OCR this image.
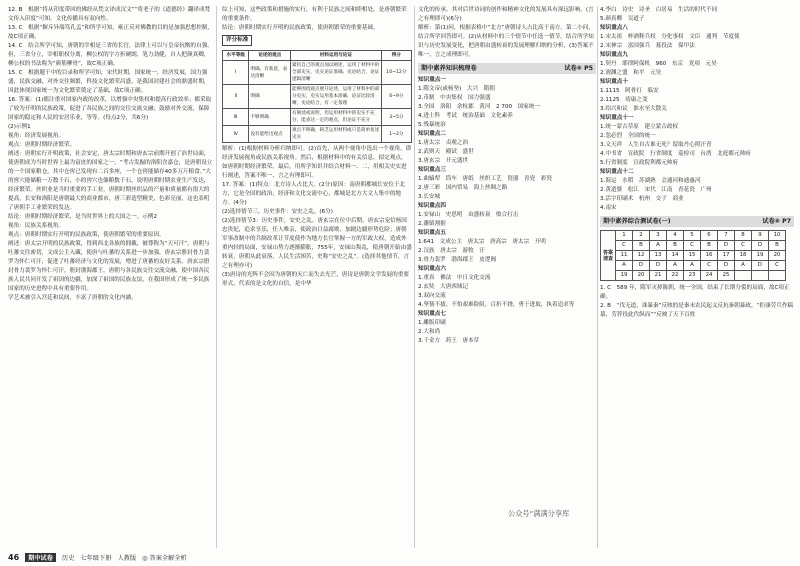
12. B　根据“将从印度带回的佛经从梵文译成汉文”“将老子的《道德经》翻译成梵文传入印度”可知，文化传播具有双向性。

13. C　根据“摒斥异端笃孔孟”和所学可知，雍正反对佛教的目的是加强思想控制，故C项正确。

14. C　结合所学可知，唐朝的宰相是三省的长官，法律上可以与皇帝抗衡的自强。但，三省分立，宰相职权分离，柳公权的字方折硬朗，笔力劲健，自人把颜真卿，柳公权的书法称为“颜筋柳骨”，故C项正确。

15. C　根据题干中的目录和所学可知，宋代时期，国家统一，经济发展，国力强盛，民族交融，对外交往频繁，科技文化繁荣昌盛，是我国封建社会的鼎盛时期，因此体现国家统一为文化繁荣奠定了基础，故C项正确。

16. 答案：(1)都注重对国家内政的改革，以增强中央集权和提高行政效率；都采取了较为开明的民族政策，促进了各民族之间的交往交流交融；鼓励对外交流，保障国家的稳定和人民的安居乐业，等等。(每点2分，共6分)

(2)示例1

视角：经济发展视角。

观点：唐朝时期经济繁荣。

阐述：唐朝实行开明政策，社会安定，唐太宗时期和唐玄宗前期开创了治世局面，使唐朝成为当时世界上最为富庶的国家之一，“考古发掘的洛阳含嘉仓，是唐朝设立的一个国家粮仓，其中仓窖已发现有二百多座，一个仓窖能储存40多万斤粮食。”大的窖穴能储粮一万数千石，小的窖穴也储粮数千石，说明唐朝时期农业生产发达，经济繁荣。丝织业是当时重要的手工业，唐朝时期丝织品的产量和质量都有很大的提高，长安和洛阳是唐朝最大的商业都市，唐三彩造型精美，色彩亮丽，这也表明了唐朝手工业繁荣的发达。

结论：唐朝时期经济繁荣，是当时世界上的大国之一。示例2

视角：民族关系视角。

观点：唐朝时期实行开明的民族政策，使唐朝繁荣的重要原因。

阐述：唐太宗开明的民族政策，得到西北各族的拥戴，被尊称为“天可汗”。唐朝与吐蕃交往密切，文成公主入藏，使唐与吐蕃的关系进一步加强，唐玄宗册封骨力裴罗为怀仁可汗，促进了吐蕃经济与文化的发展，增进了唐蕃的友好关系。唐玄宗册封骨力裴罗为怀仁可汗，册封渤海郡王，唐朝与各民族交往交流交融，使中国各民族人民共同开发了祖国的边疆，加深了祖国的民族友谊，在我国形成了统一多民族国家的历史进程中具有重要作用。

学艺术被引入宫廷和民间，丰富了唐朝的文化内涵。

综上可知，这些政策和措施的实行，有利于民族之间和睦相处，是唐朝繁荣的重要条件。

结论：唐朝时期实行开明的民族政策，使唐朝繁荣的重要基础。

评分标准
水平等级	论述的观点	材料运用与论证	得分
Ⅰ	明确，有新意，表达清晰	紧扣自己的观点加以阐述，运用了材料中的全部史实，史实论证准确、史论结合，论证逻辑清晰	10~12分
Ⅱ	明确	能够围绕观点展开论述，运用了材料中的部分史实，史实运用基本准确，论证比较清晰，史论结合，有一定条理	6~9分
Ⅲ	不够明确	有阐述或说明，但运用材料中的史实不充分，能表达一定的观点，但论证不充分	3~5分
Ⅳ	没有能给出观点	观点不明确，缺乏运用材料或只是简单复述史实	1~2分

解析：(1)根据材料分析归纳即可。(2)首先，从两个视角中选出一个视角，即经济发展视角或民族关系视角。然后，根据材料中的有关信息，拟定观点，如唐朝时期经济繁荣。最后，用所学知识并结合材料一、二，用相关史实进行阐述，答案不唯一，言之有理即可。

17. 答案：(1)特点：北方诗人占比大。(2分)原因：南唐朝都城长安位于北方，它是全国的政治，经济和文化交流中心，都城是北方大文人集中的地方。(4分)

(2)选择情节三，历史事件：安史之乱。(6分)

(2)选择情节3：历史事件，安史之乱。唐玄宗在位中后期，唐玄宗宠信杨国忠贵妃，追求享乐，任人唯亲，使政治日益腐败，加剧边疆形势危险；唐朝军事改制中的兵制改革让节度使作为地方长官掌握一方的军政大权，造成外重内轻的局面，安禄山势力逐渐膨胀，755年，安禄山叛乱，使唐朝开始由盛转衰，唐朝从此衰落，人民生活困苦，史称“安史之乱”。(选择其他情节，言之有理亦可)

(3)唐诗的光辉不会因为唐朝的灭亡而失去光芒，唐诗是唐朝文学发展的重要形式，代表的是文化的自信，是中华

文化的传承。其对后世诗词的创作和精神文化的发展具有深远影响。(言之有理即可)(6分)

解析：第(1)问，根据表格中“北方”唐朝诗人占比高于南方，第二小问，结合所学回答即可。(2)从材料中的三个情节中任选一情节，结合所学知识与历史发展变化，把唐朝由盛转衰的发展理解归纳的分析，(3)答案不唯一，言之成理即可。

期中素养知识梳理卷	试卷⑧ P5

知识重点一

1.隋文帝(或杨坚)　大兴　隋朝

2.币制　中央集权　国力强盛

3.全国　洛阳　余杭郡　黄河　2 700　国家统一

4.进士科　考试　统治基础　文化素养

5.残暴统治

知识重点二

1.唐太宗　贞观之治

2.武则天　殿试　盛世

3.唐玄宗　开元盛世

知识重点三

1.曲辕犁　筒车　唐纸　丝织工艺　瓷器　青瓷　彩瓷

2.唐三彩　国内贸易　海上丝绸之路

3.长安城

知识重点四

1.安禄山　史思明　由盛转衰　败合打击

2.藩镇割据

知识重点五

1.641　文成公主　唐太宗　唐高宗　唐太宗　开明

2.汉族　唐太宗　游牧　汗

3.骨力裴罗　渤海郡王　皮逻阁

知识重点六

1.重真　佛法　中日文化交流

2.玄奘　大唐西域记

3.双向交流

4.坚韧不拔、不怕艰难险阻，百折不挠，勇于进取，执着追求等

知识重点七

1.雕版印刷

2.大和尚

3.千金方　药王　唐本草

4.李白　诗史　诗圣　白居易　生活的时代不同

5.颜真卿　吴道子

知识重点八

1.宋太祖　杯酒释兵权　分化事权　文臣　通判　节度使

2.宋神宗　富国强兵　募役法　保甲法

知识重点九

1.契丹　耶律阿保机　960　东京　党项　元昊

2.澶渊之盟　和平　元昊

知识重点十

1.1115　阿骨打　临安

2.1125　靖康之变

3.绍兴和议　淮水至大散关

知识重点十一

1.统一蒙古草原　建立蒙古政权

2.忽必烈　全国的统一

3.文天祥　人生自古谁无死？留取丹心照汗青

4.中书省　宣政院　行省制度　巡检司　台湾　北庭都元帅府

5.行省制度　宣政院利都元帅府

知识重点十二

1.海运　水稻　苏湖熟　会通河和通惠河

2.黄道婆　松江　宋代　江南　青花瓷　广州

3.活字印刷术　杭州　交子　商业

4.南宋

期中素养综合测试卷(一)	试卷⑧ P7
答案速查	1	2	3	4	5	6	7	8	9	10
	C	B	A	B	C	B	D	C	D	B
	11	12	13	14	15	16	17	18	19	20
	A	D	D	A	A	C	D	A	D	C
	19	20	21	22	23	24	25			

1. C　589 年，隋军灭掉陈朝，统一全国，结束了长期分裂的局面，故C项正确。

2. B　“伐无道，诛暴秦”反映的是秦末农民起义反抗秦朝暴政，“拒康劳兵作稿幕，劳荐役此代纵而”“反映了天下百姓

公众号“满满分享库
46	期中试卷	历史　七年级下册　人教版 ◎ 答案全解全析
